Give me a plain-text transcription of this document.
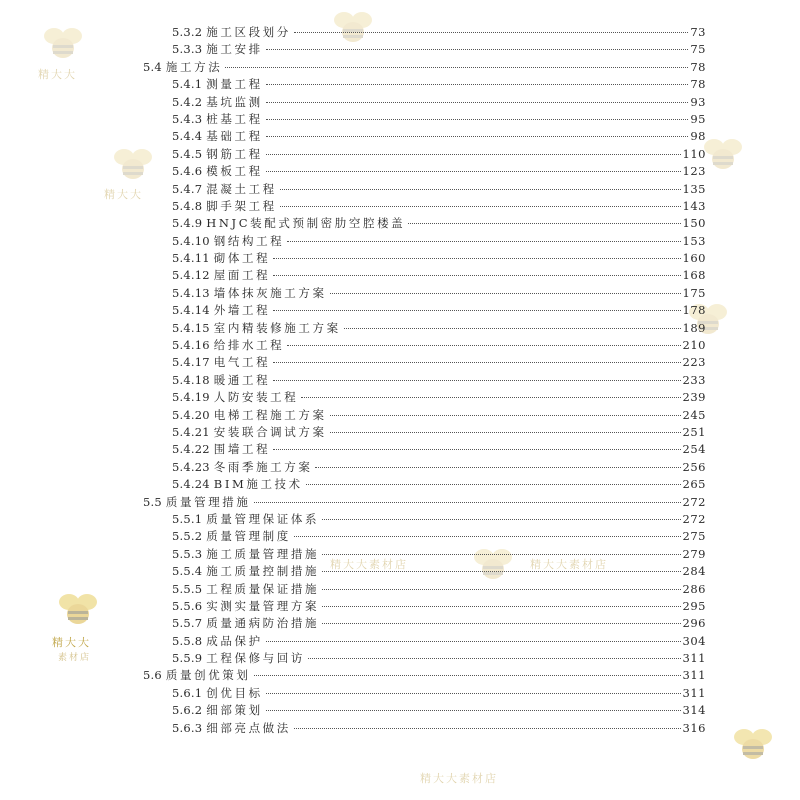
精大大
精大大
精大大
素材店
精大大素材店	精大大素材店
精大大素材店
5.3.2 施工区段划分	73
5.3.3 施工安排	75
5.4 施工方法	78
5.4.1 测量工程	78
5.4.2 基坑监测	93
5.4.3 桩基工程	95
5.4.4 基础工程	98
5.4.5 钢筋工程	110
5.4.6 模板工程	123
5.4.7 混凝土工程	135
5.4.8 脚手架工程	143
5.4.9 HNJC装配式预制密肋空腔楼盖	150
5.4.10 钢结构工程	153
5.4.11 砌体工程	160
5.4.12 屋面工程	168
5.4.13 墙体抹灰施工方案	175
5.4.14 外墙工程	178
5.4.15 室内精装修施工方案	189
5.4.16 给排水工程	210
5.4.17 电气工程	223
5.4.18 暖通工程	233
5.4.19 人防安装工程	239
5.4.20 电梯工程施工方案	245
5.4.21 安装联合调试方案	251
5.4.22 围墙工程	254
5.4.23 冬雨季施工方案	256
5.4.24 BIM施工技术	265
5.5 质量管理措施	272
5.5.1 质量管理保证体系	272
5.5.2 质量管理制度	275
5.5.3 施工质量管理措施	279
5.5.4 施工质量控制措施	284
5.5.5 工程质量保证措施	286
5.5.6 实测实量管理方案	295
5.5.7 质量通病防治措施	296
5.5.8 成品保护	304
5.5.9 工程保修与回访	311
5.6 质量创优策划	311
5.6.1 创优目标	311
5.6.2 细部策划	314
5.6.3 细部亮点做法	316
